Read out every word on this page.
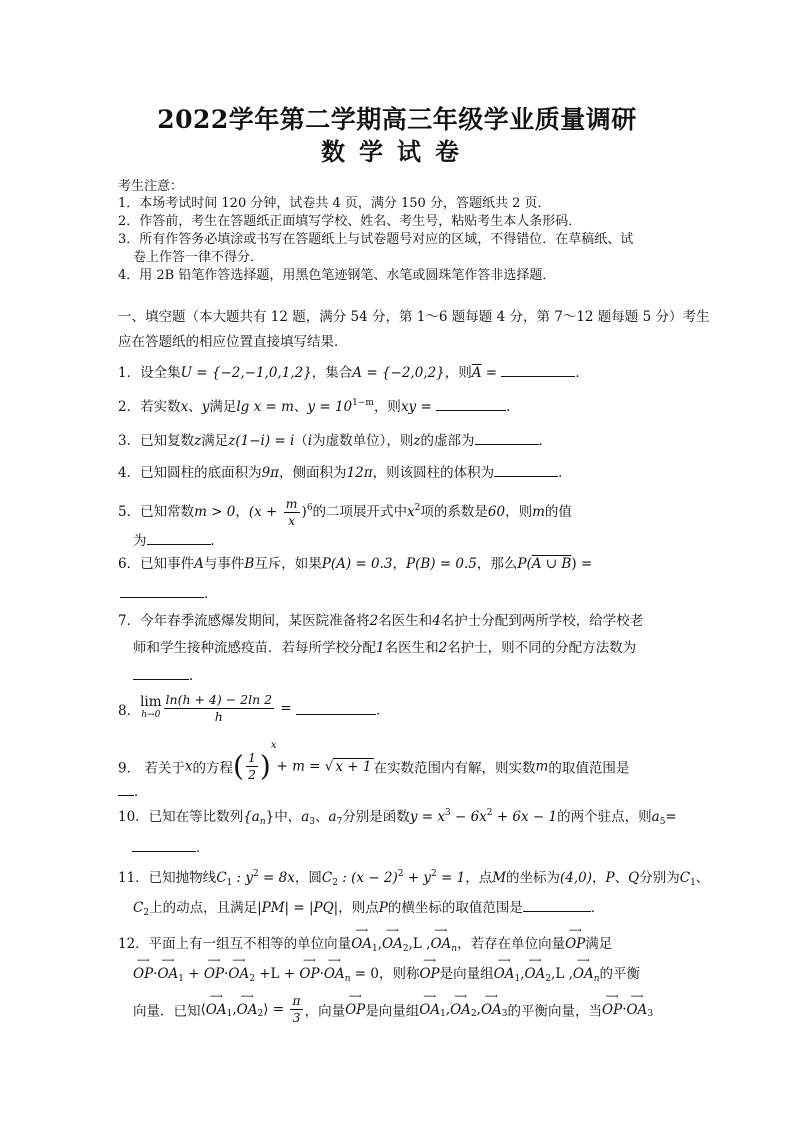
2022学年第二学期高三年级学业质量调研
数学试卷
考生注意：
1．本场考试时间 120 分钟，试卷共 4 页，满分 150 分，答题纸共 2 页．
2．作答前，考生在答题纸正面填写学校、姓名、考生号，粘贴考生本人条形码．
3．所有作答务必填涂或书写在答题纸上与试卷题号对应的区域，不得错位．在草稿纸、试
卷上作答一律不得分．
4．用 2B 铅笔作答选择题，用黑色笔迹钢笔、水笔或圆珠笔作答非选择题．
一、填空题（本大题共有 12 题，满分 54 分，第 1～6 题每题 4 分，第 7～12 题每题 5 分）考生
应在答题纸的相应位置直接填写结果．
1．设全集U = {−2,−1,0,1,2}，集合A = {−2,0,2}，则$\overline{A}$ =	．
2．若实数x、y满足lg x = m、$y = 10^{1-m}$，则xy =	．
3．已知复数z满足z(1−i) = i（i为虚数单位），则z的虚部为	．
4．已知圆柱的底面积为9π，侧面积为12π，则该圆柱的体积为	．
5．已知常数m > 0，$(x + \frac{m}{x} )^6$的二项展开式中$x^2$项的系数是60，则m的值
为	．
6．已知事件A与事件B互斥，如果P(A) = 0.3，P(B) = 0.5，那么P(A ∪ B) =
．
7．今年春季流感爆发期间，某医院准备将2名医生和4名护士分配到两所学校，给学校老
师和学生接种流感疫苗．若每所学校分配1名医生和2名护士，则不同的分配方法数为
．
8．
lim
$h\to 0 \frac{\ln(h + 4) - 2\ln 2}{h}$ =	．
9． 若关于x的方程( $\frac{1}{2} )^x+ m$ = √ x + 1 在实数范围内有解，则实数m的取值范围是
．
10．已知在等比数列$\{a_n\}$中，$a_3$、$a_7$分别是函数$y = x^3 - 6x^2 + 6x - 1$的两个驻点，则$a_5=$
．
11．已知抛物线$C_1$ : $y^2 = 8x$，圆$C_2$ : $(x - 2)^2 + y^2 = 1$，点M的坐标为(4,0)，P、Q分别为$C_1$、
$C_2$上的动点，且满足|PM| = |PQ|，则点P的横坐标的取值范围是	．
12．平面上有一组互不相等的单位向量⟶ $OA_1,⟶$ $OA_2,L$ ,⟶ $OA_n$，若存在单位向量⟶ OP满足
⟶ OP·⟶ $OA_1$ + ⟶ OP·⟶ $OA_2 +L$ + ⟶ OP·⟶ $OA_n = 0$，则称⟶ OP是向量组⟶ $OA_1,⟶$ $OA_2,L$ ,⟶ $OA_n$的平衡
向量．已知⟨⟶ $OA_1,⟶$ $OA_2⟩ = \frac{\pi}{3}$ ，向量⟶ OP是向量组⟶ $OA_1,⟶$ $OA_2,⟶$ $OA_3$的平衡向量，当⟶ OP·⟶ $OA_3$
